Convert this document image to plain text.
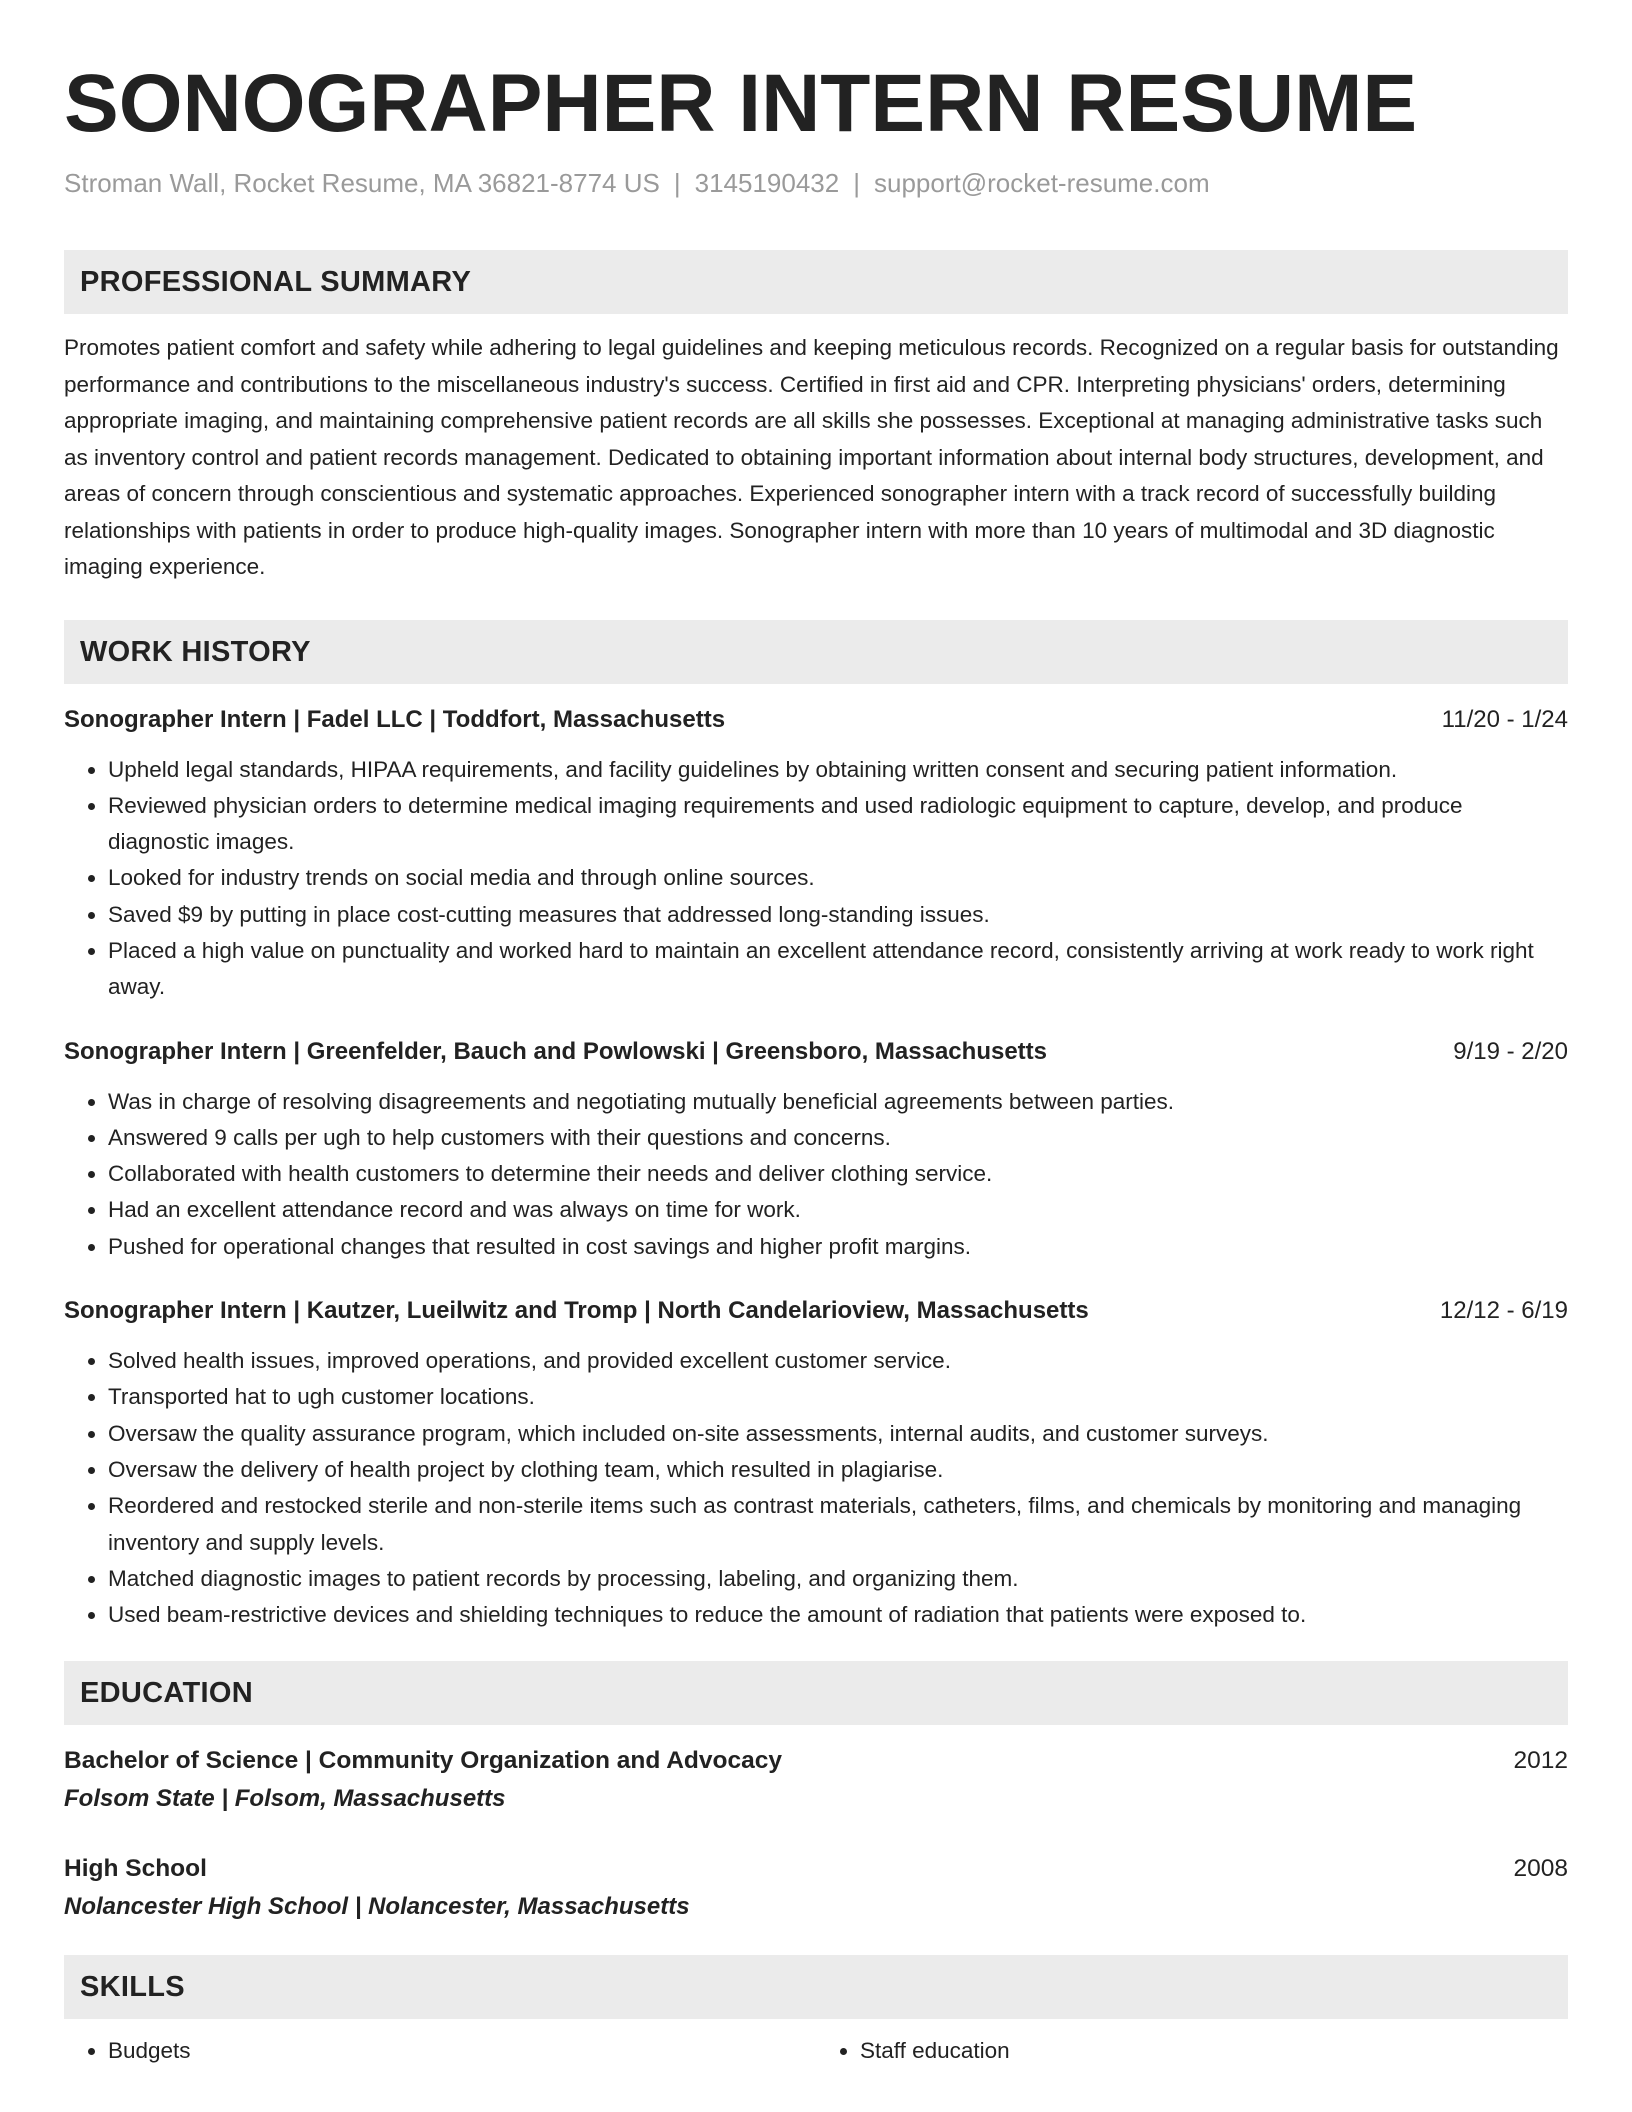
SONOGRAPHER INTERN RESUME
Stroman Wall, Rocket Resume, MA 36821-8774 US | 3145190432 | support@rocket-resume.com
PROFESSIONAL SUMMARY
Promotes patient comfort and safety while adhering to legal guidelines and keeping meticulous records. Recognized on a regular basis for outstanding performance and contributions to the miscellaneous industry's success. Certified in first aid and CPR. Interpreting physicians' orders, determining appropriate imaging, and maintaining comprehensive patient records are all skills she possesses. Exceptional at managing administrative tasks such as inventory control and patient records management. Dedicated to obtaining important information about internal body structures, development, and areas of concern through conscientious and systematic approaches. Experienced sonographer intern with a track record of successfully building relationships with patients in order to produce high-quality images. Sonographer intern with more than 10 years of multimodal and 3D diagnostic imaging experience.
WORK HISTORY
Sonographer Intern | Fadel LLC | Toddfort, Massachusetts	11/20 - 1/24
• Upheld legal standards, HIPAA requirements, and facility guidelines by obtaining written consent and securing patient information.
• Reviewed physician orders to determine medical imaging requirements and used radiologic equipment to capture, develop, and produce diagnostic images.
• Looked for industry trends on social media and through online sources.
• Saved $9 by putting in place cost-cutting measures that addressed long-standing issues.
• Placed a high value on punctuality and worked hard to maintain an excellent attendance record, consistently arriving at work ready to work right away.
Sonographer Intern | Greenfelder, Bauch and Powlowski | Greensboro, Massachusetts	9/19 - 2/20
• Was in charge of resolving disagreements and negotiating mutually beneficial agreements between parties.
• Answered 9 calls per ugh to help customers with their questions and concerns.
• Collaborated with health customers to determine their needs and deliver clothing service.
• Had an excellent attendance record and was always on time for work.
• Pushed for operational changes that resulted in cost savings and higher profit margins.
Sonographer Intern | Kautzer, Lueilwitz and Tromp | North Candelarioview, Massachusetts	12/12 - 6/19
• Solved health issues, improved operations, and provided excellent customer service.
• Transported hat to ugh customer locations.
• Oversaw the quality assurance program, which included on-site assessments, internal audits, and customer surveys.
• Oversaw the delivery of health project by clothing team, which resulted in plagiarise.
• Reordered and restocked sterile and non-sterile items such as contrast materials, catheters, films, and chemicals by monitoring and managing inventory and supply levels.
• Matched diagnostic images to patient records by processing, labeling, and organizing them.
• Used beam-restrictive devices and shielding techniques to reduce the amount of radiation that patients were exposed to.
EDUCATION
Bachelor of Science | Community Organization and Advocacy	2012
Folsom State | Folsom, Massachusetts
High School	2008
Nolancester High School | Nolancester, Massachusetts
SKILLS
• Budgets
•	Staff education
